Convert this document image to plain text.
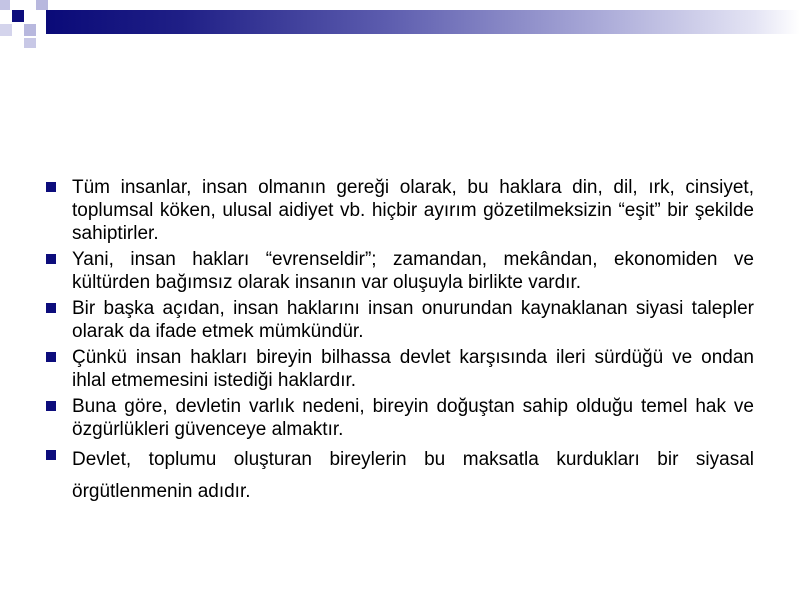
Tüm insanlar, insan olmanın gereği olarak, bu haklara din, dil, ırk, cinsiyet, toplumsal köken, ulusal aidiyet vb. hiçbir ayırım gözetilmeksizin “eşit” bir şekilde sahiptirler.
Yani, insan hakları “evrenseldir”; zamandan, mekândan, ekonomiden ve kültürden bağımsız olarak insanın var oluşuyla birlikte vardır.
Bir başka açıdan, insan haklarını insan onurundan kaynaklanan siyasi talepler olarak da ifade etmek mümkündür.
Çünkü insan hakları bireyin bilhassa devlet karşısında ileri sürdüğü ve ondan ihlal etmemesini istediği haklardır.
Buna göre, devletin varlık nedeni, bireyin doğuştan sahip olduğu temel hak ve özgürlükleri güvenceye almaktır.
Devlet, toplumu oluşturan bireylerin bu maksatla kurdukları bir siyasal örgütlenmenin adıdır.
